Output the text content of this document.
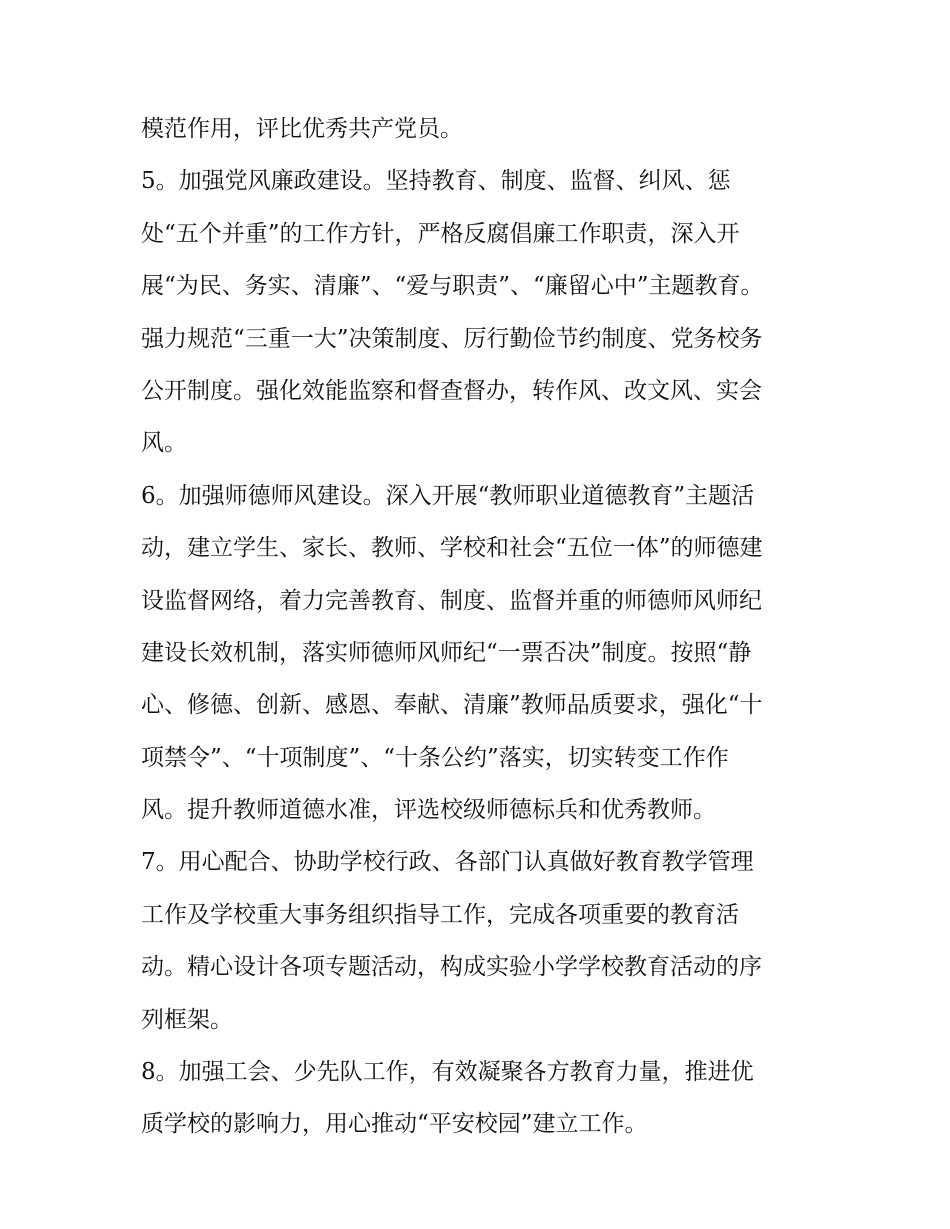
模范作用，评比优秀共产党员。
5。加强党风廉政建设。坚持教育、制度、监督、纠风、惩
处“五个并重”的工作方针，严格反腐倡廉工作职责，深入开
展“为民、务实、清廉”、“爱与职责”、“廉留心中”主题教育。
强力规范“三重一大”决策制度、厉行勤俭节约制度、党务校务
公开制度。强化效能监察和督查督办，转作风、改文风、实会
风。
6。加强师德师风建设。深入开展“教师职业道德教育”主题活
动，建立学生、家长、教师、学校和社会“五位一体”的师德建
设监督网络，着力完善教育、制度、监督并重的师德师风师纪
建设长效机制，落实师德师风师纪“一票否决”制度。按照“静
心、修德、创新、感恩、奉献、清廉”教师品质要求，强化“十
项禁令”、“十项制度”、“十条公约”落实，切实转变工作作
风。提升教师道德水准，评选校级师德标兵和优秀教师。
7。用心配合、协助学校行政、各部门认真做好教育教学管理
工作及学校重大事务组织指导工作，完成各项重要的教育活
动。精心设计各项专题活动，构成实验小学学校教育活动的序
列框架。
8。加强工会、少先队工作，有效凝聚各方教育力量，推进优
质学校的影响力，用心推动“平安校园”建立工作。
